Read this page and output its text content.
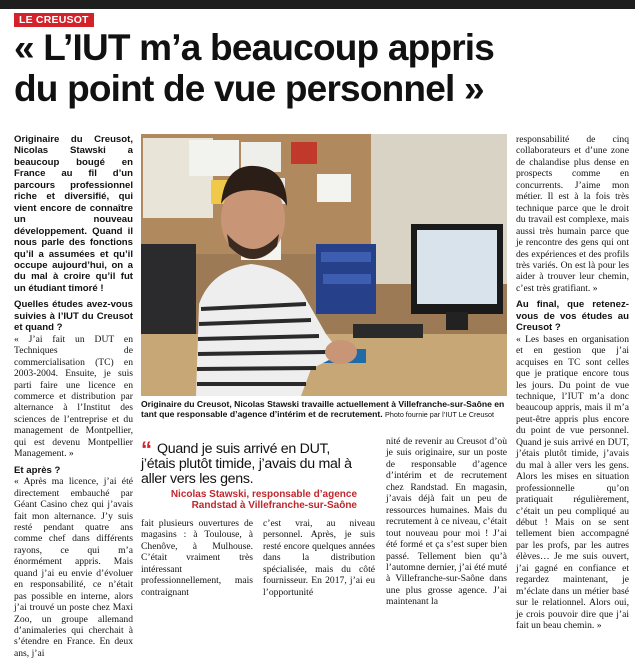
LE CREUSOT
« L’IUT m’a beaucoup appris
du point de vue personnel »

Originaire du Creusot, Nicolas Stawski a beaucoup bougé en France au fil d’un parcours professionnel riche et diversifié, qui vient encore de connaître un nouveau développement. Quand il nous parle des fonctions qu’il a assumées et qu’il occupe aujourd’hui, on a du mal à croire qu’il fut un étudiant timoré !

Quelles études avez-vous suivies à l’IUT du Creusot et quand ?

« J’ai fait un DUT en Techniques de commercialisation (TC) en 2003-2004. Ensuite, je suis parti faire une licence en commerce et distribution par alternance à l’Institut des sciences de l’entreprise et du management de Montpellier, qui est devenu Montpellier Management. »

Et après ?

« Après ma licence, j’ai été directement embauché par Géant Casino chez qui j’avais fait mon alternance. J’y suis resté pendant quatre ans comme chef dans différents rayons, ce qui m’a énormément appris. Mais quand j’ai eu envie d’évoluer en responsabilité, ce n’était pas possible en interne, alors j’ai trouvé un poste chez Maxi Zoo, un groupe allemand d’animaleries qui cherchait à s’étendre en France. En deux ans, j’ai

Originaire du Creusot, Nicolas Stawski travaille actuellement à Villefranche-sur-Saône en tant que responsable d’agence d’intérim et de recrutement. Photo fournie par l’IUT Le Creusot
“ Quand je suis arrivé en DUT, j’étais plutôt timide, j’avais du mal à aller vers les gens.
Nicolas Stawski, responsable d’agence
Randstad à Villefranche-sur-Saône

fait plusieurs ouvertures de magasins : à Toulouse, à Chenôve, à Mulhouse. C’était vraiment très intéressant professionnellement, mais contraignant

c’est vrai, au niveau personnel. Après, je suis resté encore quelques années dans la distribution spécialisée, mais du côté fournisseur. En 2017, j’ai eu l’opportunité

nité de revenir au Creusot d’où je suis originaire, sur un poste de responsable d’agence d’intérim et de recrutement chez Randstad. En magasin, j’avais déjà fait un peu de ressources humaines. Mais du recrutement à ce niveau, c’était tout nouveau pour moi ! J’ai été formé et ça s’est super bien passé. Tellement bien qu’à l’automne dernier, j’ai été muté à Villefranche-sur-Saône dans une plus grosse agence. J’ai maintenant la

responsabilité de cinq collaborateurs et d’une zone de chalandise plus dense en prospects comme en concurrents. J’aime mon métier. Il est à la fois très technique parce que le droit du travail est complexe, mais aussi très humain parce que je rencontre des gens qui ont des expériences et des profils très variés. On est là pour les aider à trouver leur chemin, c’est très gratifiant. »

Au final, que retenez-vous de vos études au Creusot ?

« Les bases en organisation et en gestion que j’ai acquises en TC sont celles que je pratique encore tous les jours. Du point de vue technique, l’IUT m’a donc beaucoup appris, mais il m’a peut-être appris plus encore du point de vue personnel. Quand je suis arrivé en DUT, j’étais plutôt timide, j’avais du mal à aller vers les gens. Alors les mises en situation professionnelle qu’on pratiquait régulièrement, c’était un peu compliqué au début ! Mais on se sent tellement bien accompagné par les profs, par les autres élèves… Je me suis ouvert, j’ai gagné en confiance et regardez maintenant, je m’éclate dans un métier basé sur le relationnel. Alors oui, je crois pouvoir dire que j’ai fait un beau chemin. »
